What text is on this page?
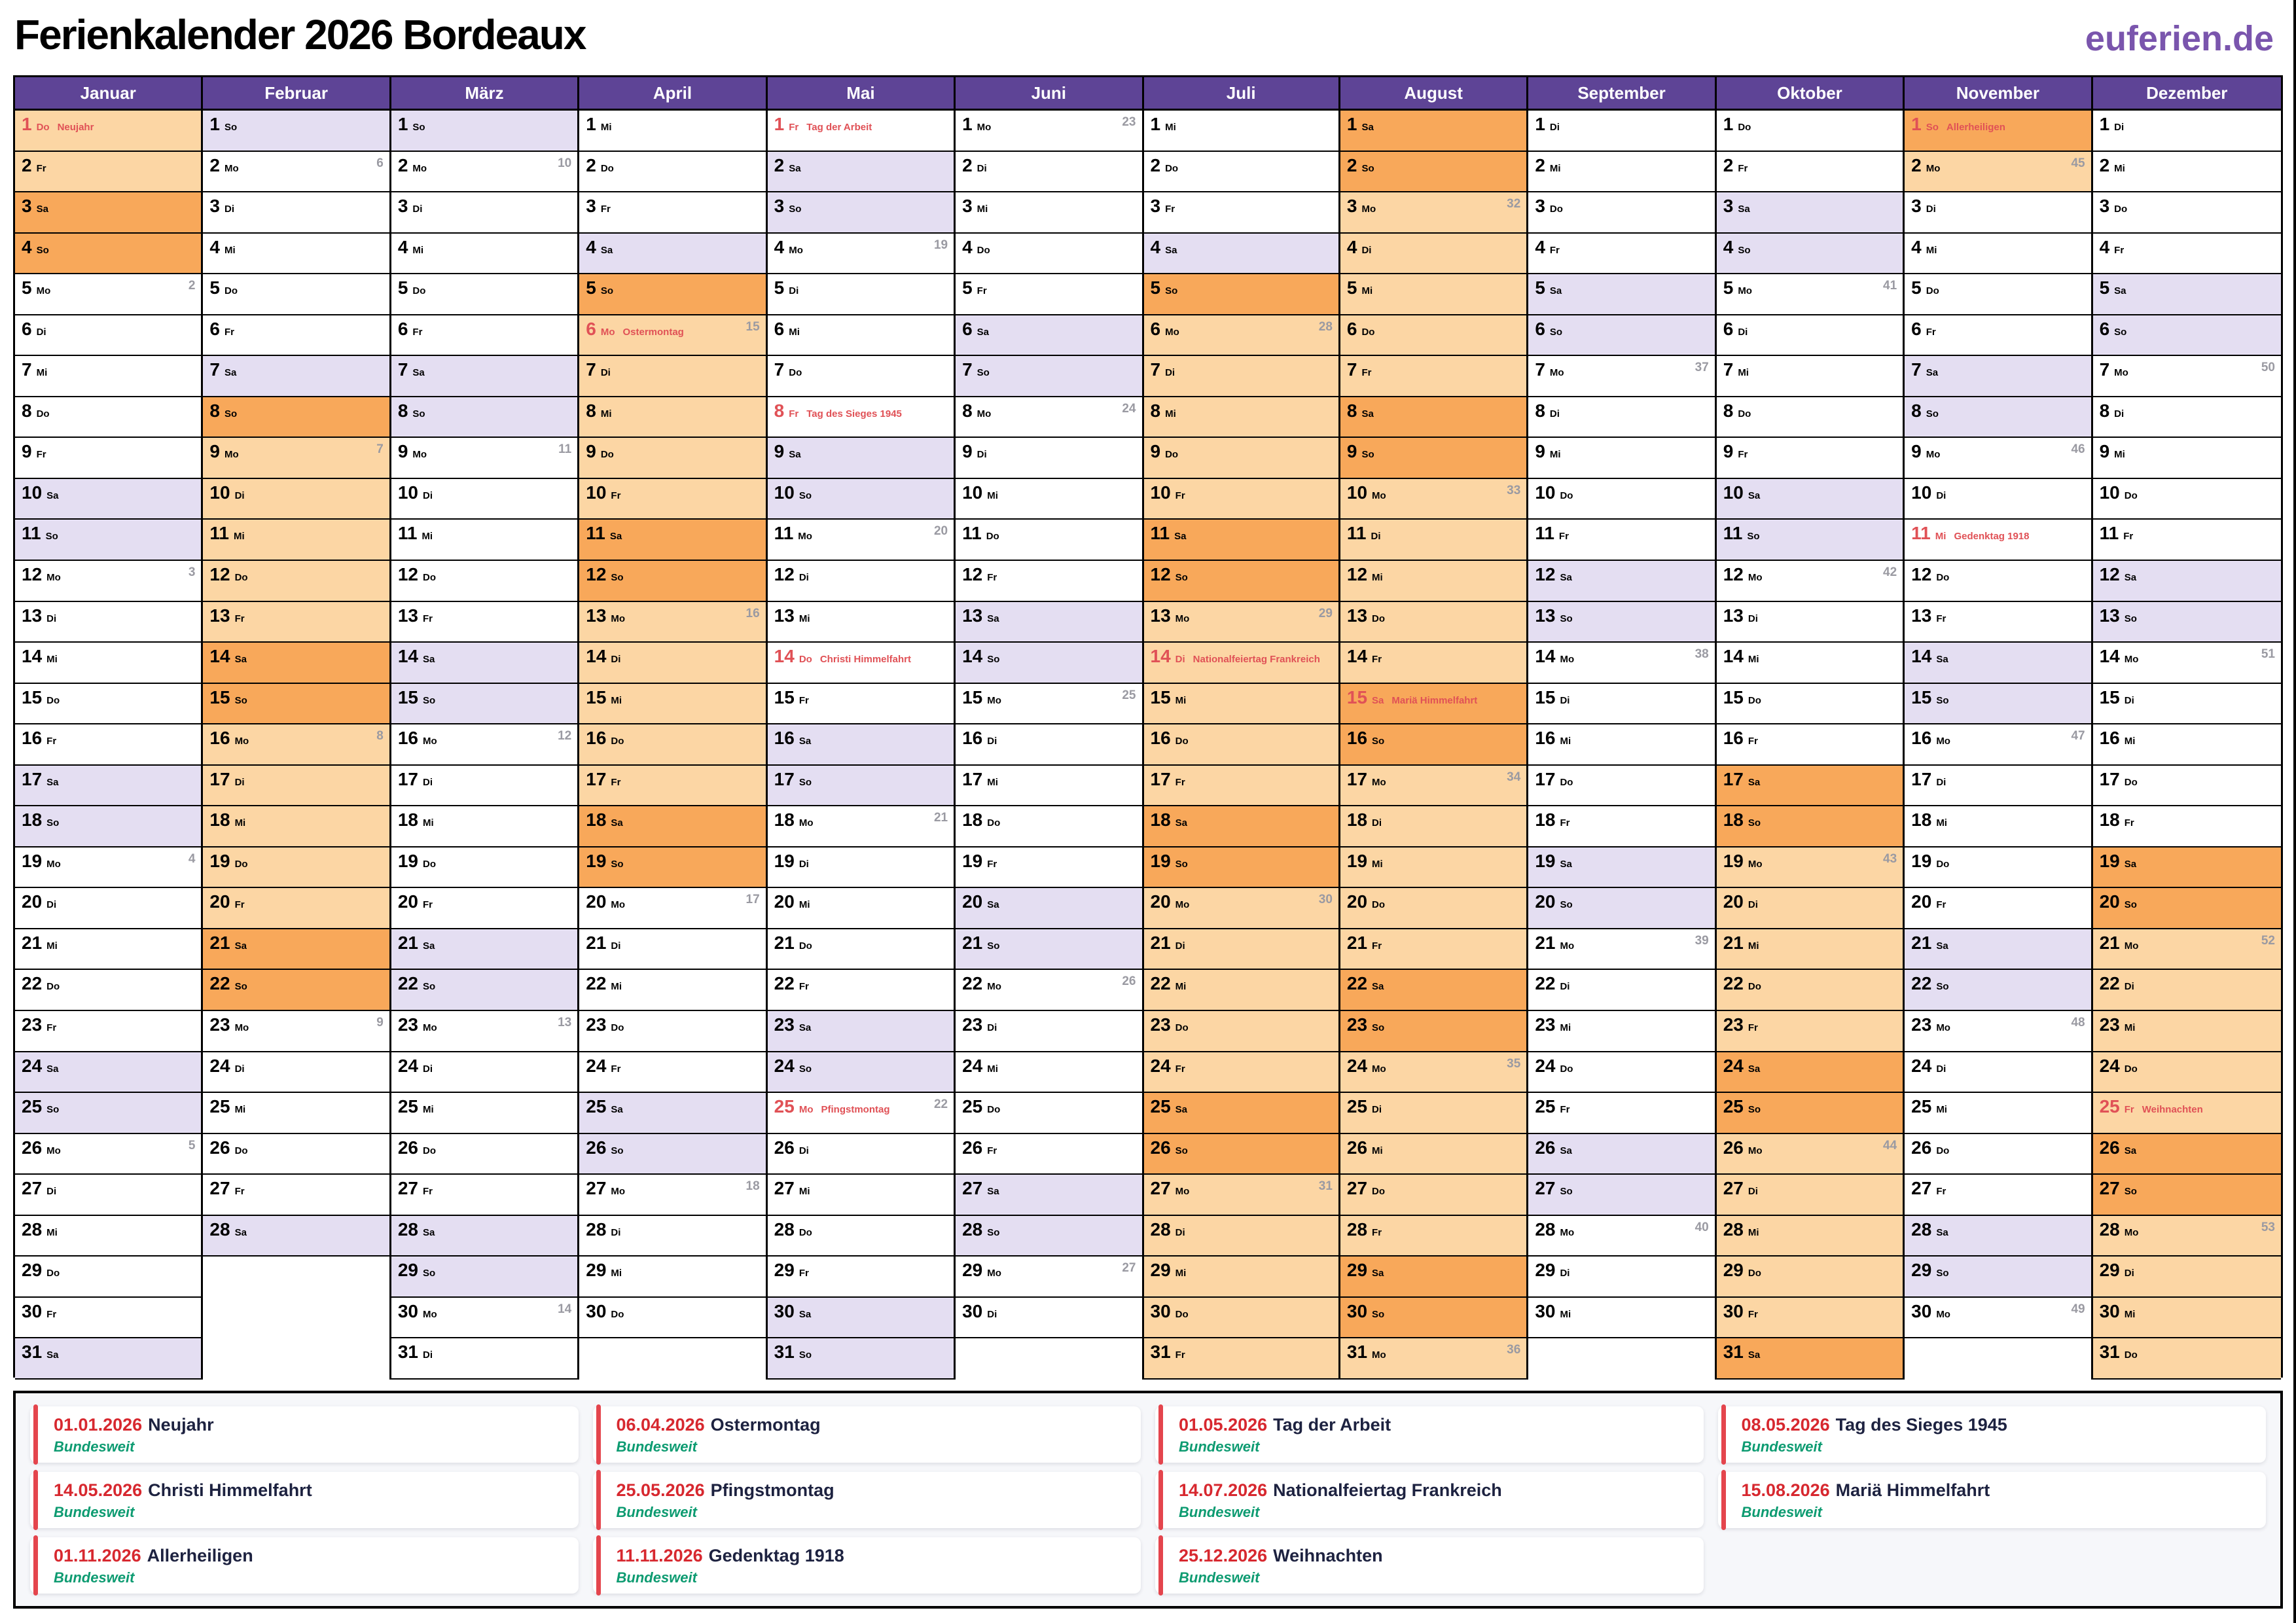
Ferienkalender 2026 Bordeaux	euferien.de
Januar
1 Do Neujahr
2 Fr
3 Sa
4 So
5 Mo	2
6 Di
7 Mi
8 Do
9 Fr
10 Sa
11 So
12 Mo	3
13 Di
14 Mi
15 Do
16 Fr
17 Sa
18 So
19 Mo	4
20 Di
21 Mi
22 Do
23 Fr
24 Sa
25 So
26 Mo	5
27 Di
28 Mi
29 Do
30 Fr
31 Sa
Februar
1 So
2 Mo	6
3 Di
4 Mi
5 Do
6 Fr
7 Sa
8 So
9 Mo	7
10 Di
11 Mi
12 Do
13 Fr
14 Sa
15 So
16 Mo	8
17 Di
18 Mi
19 Do
20 Fr
21 Sa
22 So
23 Mo	9
24 Di
25 Mi
26 Do
27 Fr
28 Sa
März
1 So
2 Mo	10
3 Di
4 Mi
5 Do
6 Fr
7 Sa
8 So
9 Mo	11
10 Di
11 Mi
12 Do
13 Fr
14 Sa
15 So
16 Mo	12
17 Di
18 Mi
19 Do
20 Fr
21 Sa
22 So
23 Mo	13
24 Di
25 Mi
26 Do
27 Fr
28 Sa
29 So
30 Mo	14
31 Di
April
1 Mi
2 Do
3 Fr
4 Sa
5 So
6 Mo Ostermontag	15
7 Di
8 Mi
9 Do
10 Fr
11 Sa
12 So
13 Mo	16
14 Di
15 Mi
16 Do
17 Fr
18 Sa
19 So
20 Mo	17
21 Di
22 Mi
23 Do
24 Fr
25 Sa
26 So
27 Mo	18
28 Di
29 Mi
30 Do
Mai
1 Fr Tag der Arbeit
2 Sa
3 So
4 Mo	19
5 Di
6 Mi
7 Do
8 Fr Tag des Sieges 1945
9 Sa
10 So
11 Mo	20
12 Di
13 Mi
14 Do Christi Himmelfahrt
15 Fr
16 Sa
17 So
18 Mo	21
19 Di
20 Mi
21 Do
22 Fr
23 Sa
24 So
25 Mo Pfingstmontag	22
26 Di
27 Mi
28 Do
29 Fr
30 Sa
31 So
Juni
1 Mo	23
2 Di
3 Mi
4 Do
5 Fr
6 Sa
7 So
8 Mo	24
9 Di
10 Mi
11 Do
12 Fr
13 Sa
14 So
15 Mo	25
16 Di
17 Mi
18 Do
19 Fr
20 Sa
21 So
22 Mo	26
23 Di
24 Mi
25 Do
26 Fr
27 Sa
28 So
29 Mo	27
30 Di
Juli
1 Mi
2 Do
3 Fr
4 Sa
5 So
6 Mo	28
7 Di
8 Mi
9 Do
10 Fr
11 Sa
12 So
13 Mo	29
14 Di Nationalfeiertag Frankreich
15 Mi
16 Do
17 Fr
18 Sa
19 So
20 Mo	30
21 Di
22 Mi
23 Do
24 Fr
25 Sa
26 So
27 Mo	31
28 Di
29 Mi
30 Do
31 Fr
August
1 Sa
2 So
3 Mo	32
4 Di
5 Mi
6 Do
7 Fr
8 Sa
9 So
10 Mo	33
11 Di
12 Mi
13 Do
14 Fr
15 Sa Mariä Himmelfahrt
16 So
17 Mo	34
18 Di
19 Mi
20 Do
21 Fr
22 Sa
23 So
24 Mo	35
25 Di
26 Mi
27 Do
28 Fr
29 Sa
30 So
31 Mo	36
September
1 Di
2 Mi
3 Do
4 Fr
5 Sa
6 So
7 Mo	37
8 Di
9 Mi
10 Do
11 Fr
12 Sa
13 So
14 Mo	38
15 Di
16 Mi
17 Do
18 Fr
19 Sa
20 So
21 Mo	39
22 Di
23 Mi
24 Do
25 Fr
26 Sa
27 So
28 Mo	40
29 Di
30 Mi
Oktober
1 Do
2 Fr
3 Sa
4 So
5 Mo	41
6 Di
7 Mi
8 Do
9 Fr
10 Sa
11 So
12 Mo	42
13 Di
14 Mi
15 Do
16 Fr
17 Sa
18 So
19 Mo	43
20 Di
21 Mi
22 Do
23 Fr
24 Sa
25 So
26 Mo	44
27 Di
28 Mi
29 Do
30 Fr
31 Sa
November
1 So Allerheiligen
2 Mo	45
3 Di
4 Mi
5 Do
6 Fr
7 Sa
8 So
9 Mo	46
10 Di
11 Mi Gedenktag 1918
12 Do
13 Fr
14 Sa
15 So
16 Mo	47
17 Di
18 Mi
19 Do
20 Fr
21 Sa
22 So
23 Mo	48
24 Di
25 Mi
26 Do
27 Fr
28 Sa
29 So
30 Mo	49
Dezember
1 Di
2 Mi
3 Do
4 Fr
5 Sa
6 So
7 Mo	50
8 Di
9 Mi
10 Do
11 Fr
12 Sa
13 So
14 Mo	51
15 Di
16 Mi
17 Do
18 Fr
19 Sa
20 So
21 Mo	52
22 Di
23 Mi
24 Do
25 Fr Weihnachten
26 Sa
27 So
28 Mo	53
29 Di
30 Mi
31 Do
01.01.2026 Neujahr
Bundesweit
14.05.2026 Christi Himmelfahrt
Bundesweit
01.11.2026 Allerheiligen
Bundesweit
06.04.2026 Ostermontag
Bundesweit
25.05.2026 Pfingstmontag
Bundesweit
11.11.2026 Gedenktag 1918
Bundesweit
01.05.2026 Tag der Arbeit
Bundesweit
14.07.2026 Nationalfeiertag Frankreich
Bundesweit
25.12.2026 Weihnachten
Bundesweit
08.05.2026 Tag des Sieges 1945
Bundesweit
15.08.2026 Mariä Himmelfahrt
Bundesweit
